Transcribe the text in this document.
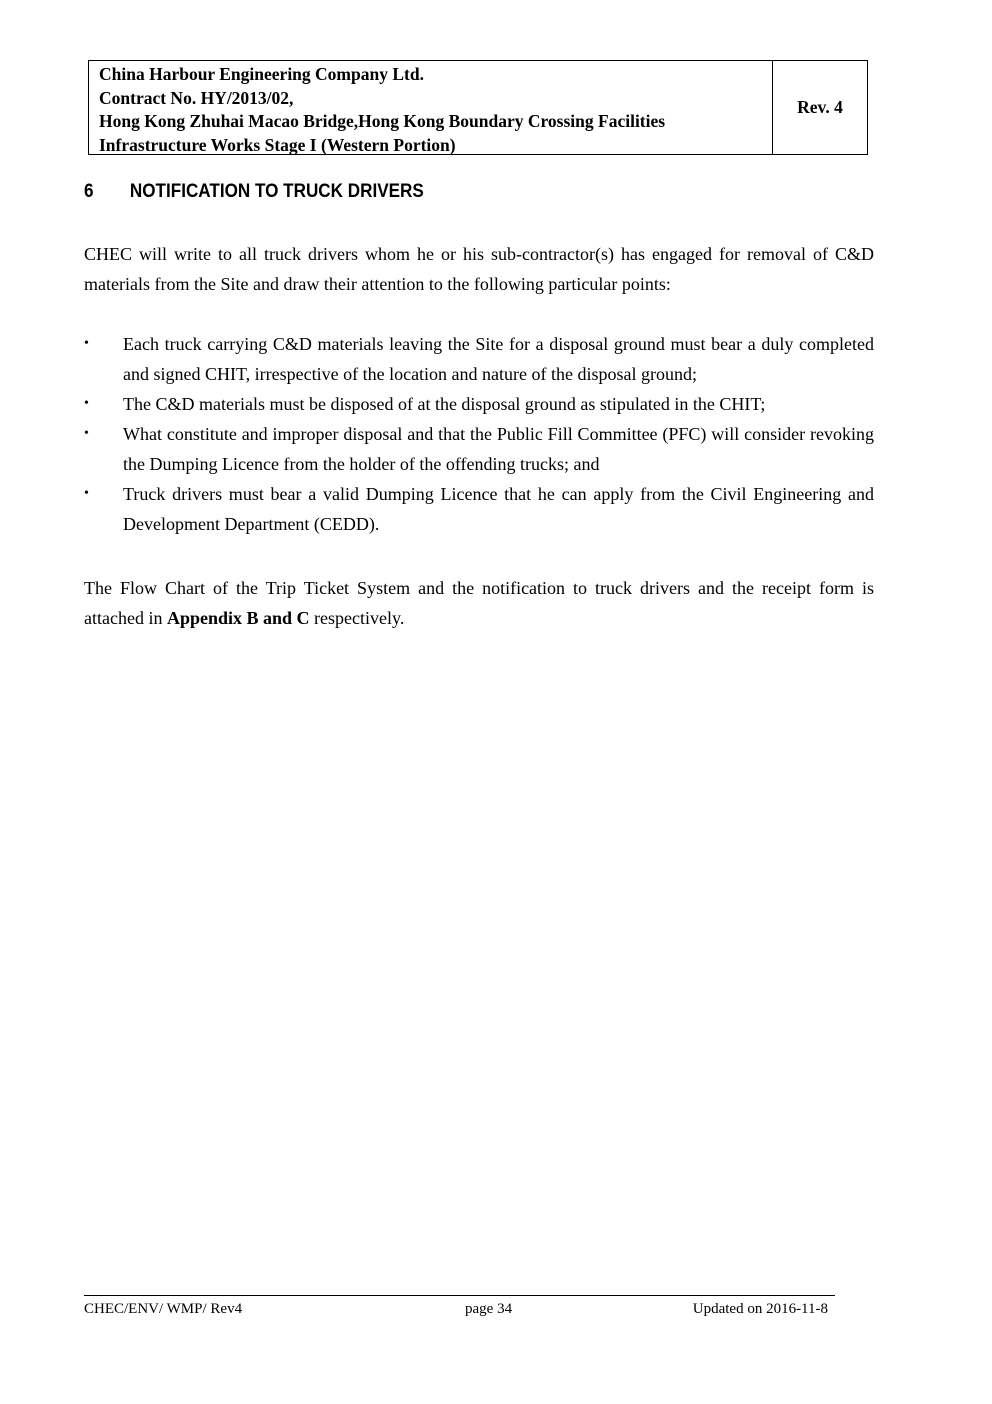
China Harbour Engineering Company Ltd.
Contract No. HY/2013/02,
Hong Kong Zhuhai Macao Bridge,Hong Kong Boundary Crossing Facilities
Infrastructure Works Stage I (Western Portion)
Rev. 4
6	NOTIFICATION TO TRUCK DRIVERS

CHEC will write to all truck drivers whom he or his sub-contractor(s) has engaged for removal of C&D materials from the Site and draw their attention to the following particular points:

• Each truck carrying C&D materials leaving the Site for a disposal ground must bear a duly completed and signed CHIT, irrespective of the location and nature of the disposal ground;
• The C&D materials must be disposed of at the disposal ground as stipulated in the CHIT;
• What constitute and improper disposal and that the Public Fill Committee (PFC) will consider revoking the Dumping Licence from the holder of the offending trucks; and
• Truck drivers must bear a valid Dumping Licence that he can apply from the Civil Engineering and Development Department (CEDD).

The Flow Chart of the Trip Ticket System and the notification to truck drivers and the receipt form is attached in Appendix B and C respectively.

CHEC/ENV/ WMP/ Rev4	page 34	Updated on 2016-11-8
